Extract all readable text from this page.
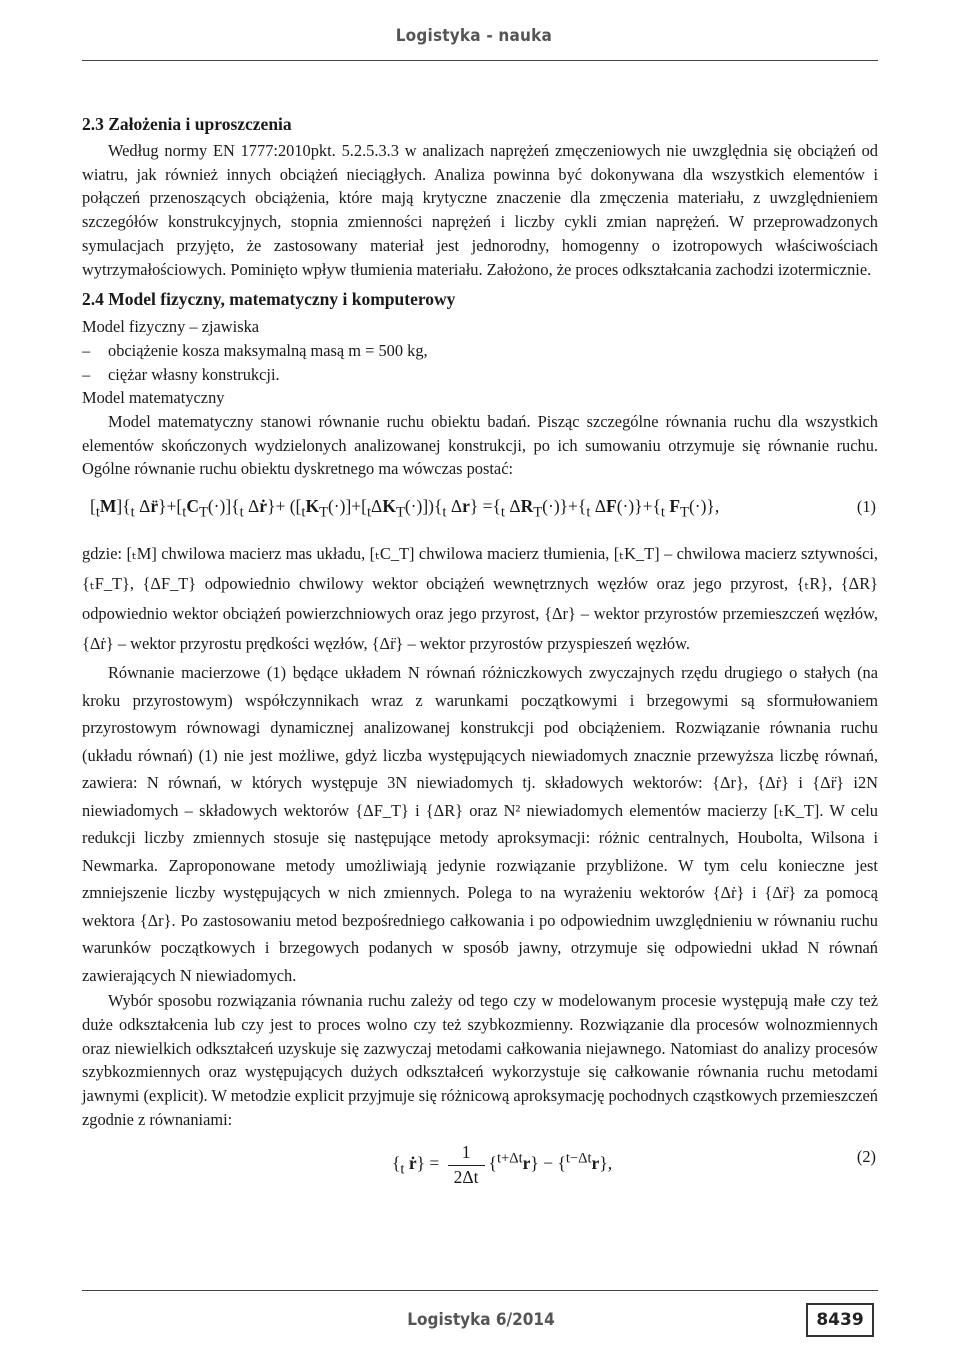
Logistyka - nauka
2.3 Założenia i uproszczenia

Według normy EN 1777:2010pkt. 5.2.5.3.3 w analizach naprężeń zmęczeniowych nie uwzględnia się obciążeń od wiatru, jak również innych obciążeń nieciągłych. Analiza powinna być dokonywana dla wszystkich elementów i połączeń przenoszących obciążenia, które mają krytyczne znaczenie dla zmęczenia materiału, z uwzględnieniem szczegółów konstrukcyjnych, stopnia zmienności naprężeń i liczby cykli zmian naprężeń. W przeprowadzonych symulacjach przyjęto, że zastosowany materiał jest jednorodny, homogenny o izotropowych właściwościach wytrzymałościowych. Pominięto wpływ tłumienia materiału. Założono, że proces odkształcania zachodzi izotermicznie.

2.4 Model fizyczny, matematyczny i komputerowy

Model fizyczny – zjawiska

– obciążenie kosza maksymalną masą m = 500 kg,

– ciężar własny konstrukcji.

Model matematyczny

Model matematyczny stanowi równanie ruchu obiektu badań. Pisząc szczególne równania ruchu dla wszystkich elementów skończonych wydzielonych analizowanej konstrukcji, po ich sumowaniu otrzymuje się równanie ruchu. Ogólne równanie ruchu obiektu dyskretnego ma wówczas postać:

$[_tM]\{_t$ $\Delta r̈\}+[_tC_T(\cdot)]\{_t$ Δṙ}+ $([_tK_T(\cdot)]+[_t\Delta K_T(\cdot)])\{_t$ $\Delta r\} =\{_t$ $\Delta R_T(\cdot)\}+\{_t$ $\Delta F(\cdot)\}+\{_t$ $F_T(\cdot)$},	(1)

gdzie: [ₜM] chwilowa macierz mas układu, [ₜC_T] chwilowa macierz tłumienia, [ₜK_T] – chwilowa macierz sztywności, {ₜF_T}, {ΔF_T} odpowiednio chwilowy wektor obciążeń wewnętrznych węzłów oraz jego przyrost, {ₜR}, {ΔR} odpowiednio wektor obciążeń powierzchniowych oraz jego przyrost, {Δr} – wektor przyrostów przemieszczeń węzłów, {Δṙ} – wektor przyrostu prędkości węzłów, {Δr̈} – wektor przyrostów przyspieszeń węzłów.

Równanie macierzowe (1) będące układem N równań różniczkowych zwyczajnych rzędu drugiego o stałych (na kroku przyrostowym) współczynnikach wraz z warunkami początkowymi i brzegowymi są sformułowaniem przyrostowym równowagi dynamicznej analizowanej konstrukcji pod obciążeniem. Rozwiązanie równania ruchu (układu równań) (1) nie jest możliwe, gdyż liczba występujących niewiadomych znacznie przewyższa liczbę równań, zawiera: N równań, w których występuje 3N niewiadomych tj. składowych wektorów: {Δr}, {Δṙ} i {Δr̈} i2N niewiadomych – składowych wektorów {ΔF_T} i {ΔR} oraz N² niewiadomych elementów macierzy [ₜK_T]. W celu redukcji liczby zmiennych stosuje się następujące metody aproksymacji: różnic centralnych, Houbolta, Wilsona i Newmarka. Zaproponowane metody umożliwiają jedynie rozwiązanie przybliżone. W tym celu konieczne jest zmniejszenie liczby występujących w nich zmiennych. Polega to na wyrażeniu wektorów {Δṙ} i {Δr̈} za pomocą wektora {Δr}. Po zastosowaniu metod bezpośredniego całkowania i po odpowiednim uwzględnieniu w równaniu ruchu warunków początkowych i brzegowych podanych w sposób jawny, otrzymuje się odpowiedni układ N równań zawierających N niewiadomych.

Wybór sposobu rozwiązania równania ruchu zależy od tego czy w modelowanym procesie występują małe czy też duże odkształcenia lub czy jest to proces wolno czy też szybkozmienny. Rozwiązanie dla procesów wolnozmiennych oraz niewielkich odkształceń uzyskuje się zazwyczaj metodami całkowania niejawnego. Natomiast do analizy procesów szybkozmiennych oraz występujących dużych odkształceń wykorzystuje się całkowanie równania ruchu metodami jawnymi (explicit). W metodzie explicit przyjmuje się różnicową aproksymację pochodnych cząstkowych przemieszczeń zgodnie z równaniami:

{$_t$ ṙ} = $\frac{1}{2\Delta t} \{^{t+\Delta t}r\} - \{^{t-\Delta t}r\}$,	(2)
Logistyka 6/2014	8439
